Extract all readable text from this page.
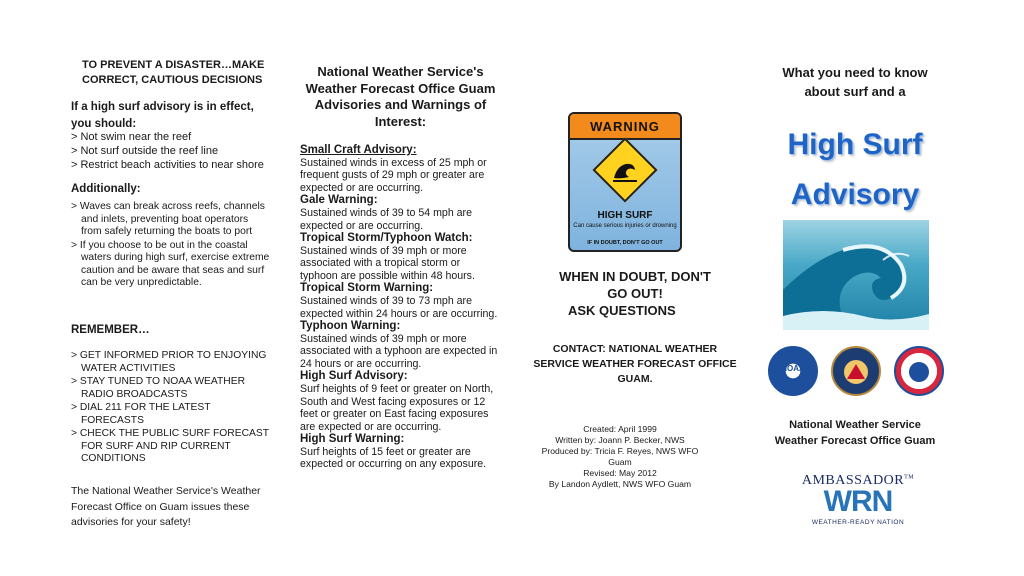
TO PREVENT A DISASTER…MAKE CORRECT, CAUTIOUS DECISIONS
If a high surf advisory is in effect,
you should:
> Not swim near the reef
> Not surf outside the reef line
> Restrict beach activities to near shore
Additionally:
> Waves can break across reefs, channels and inlets, preventing boat operators from safely returning the boats to port
> If you choose to be out in the coastal waters during high surf, exercise extreme caution and be aware that seas and surf can be very unpredictable.
REMEMBER…
> GET INFORMED PRIOR TO ENJOYING WATER ACTIVITIES
> STAY TUNED TO NOAA WEATHER RADIO BROADCASTS
> DIAL 211 FOR THE LATEST FORECASTS
> CHECK THE PUBLIC SURF FORECAST FOR SURF AND RIP CURRENT CONDITIONS
The National Weather Service's Weather Forecast Office on Guam issues these advisories for your safety!
National Weather Service's Weather Forecast Office Guam Advisories and Warnings of Interest:
Small Craft Advisory:
Sustained winds in excess of 25 mph or frequent gusts of 29 mph or greater are expected or are occurring.
Gale Warning:
Sustained winds of 39 to 54 mph are expected or are occurring.
Tropical Storm/Typhoon Watch:
Sustained winds of 39 mph or more associated with a tropical storm or typhoon are possible within 48 hours.
Tropical Storm Warning:
Sustained winds of 39 to 73 mph are expected within 24 hours or are occurring.
Typhoon Warning:
Sustained winds of 39 mph or more associated with a typhoon are expected in 24 hours or are occurring.
High Surf Advisory:
Surf heights of 9 feet or greater on North, South and West facing exposures or 12 feet or greater on East facing exposures are expected or are occurring.
High Surf Warning:
Surf heights of 15 feet or greater are expected or occurring on any exposure.
WARNING
HIGH SURF
Can cause serious injuries or drowning
IF IN DOUBT, DON'T GO OUT
WHEN IN DOUBT, DON'T
GO OUT!
ASK QUESTIONS
CONTACT: NATIONAL WEATHER SERVICE WEATHER FORECAST OFFICE GUAM.
Created: April 1999
Written by: Joann P. Becker, NWS
Produced by: Tricia F. Reyes, NWS WFO Guam
Revised: May 2012
By Landon Aydlett, NWS WFO Guam
What you need to know
about surf and a
High Surf
Advisory
NOAA
National Weather Service
Weather Forecast Office Guam
AMBASSADOR™
WRN
WEATHER-READY NATION
